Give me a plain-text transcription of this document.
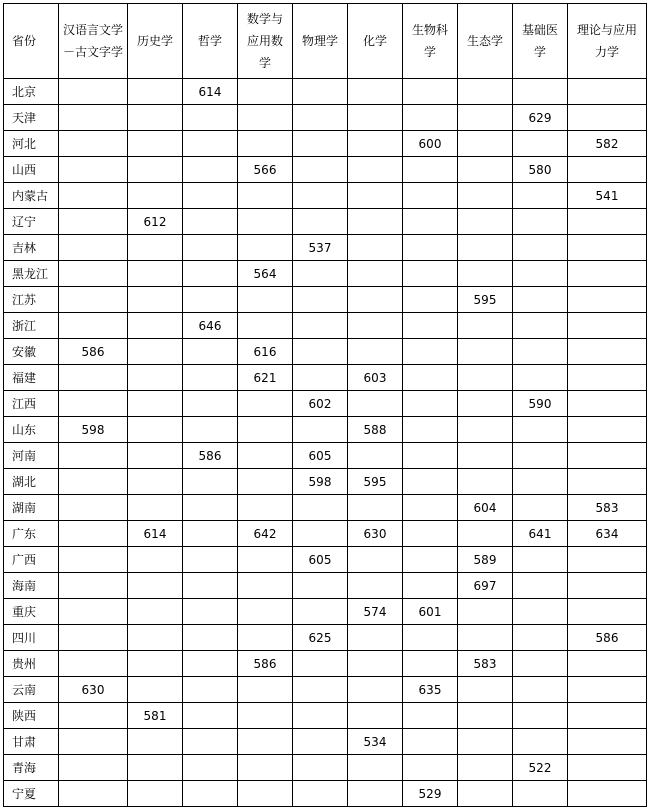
省份	汉语言文学－古文字学	历史学	哲学	数学与应用数学	物理学	化学	生物科学	生态学	基础医学	理论与应用力学
北京			614							
天津									629	
河北							600			582
山西				566					580	
内蒙古										541
辽宁		612								
吉林					537					
黑龙江				564						
江苏								595		
浙江			646							
安徽	586			616						
福建				621		603				
江西					602				590	
山东	598					588				
河南			586		605					
湖北					598	595				
湖南								604		583
广东		614		642		630			641	634
广西					605			589		
海南								697		
重庆						574	601			
四川					625					586
贵州				586				583		
云南	630						635			
陕西		581								
甘肃						534				
青海									522	
宁夏							529			
